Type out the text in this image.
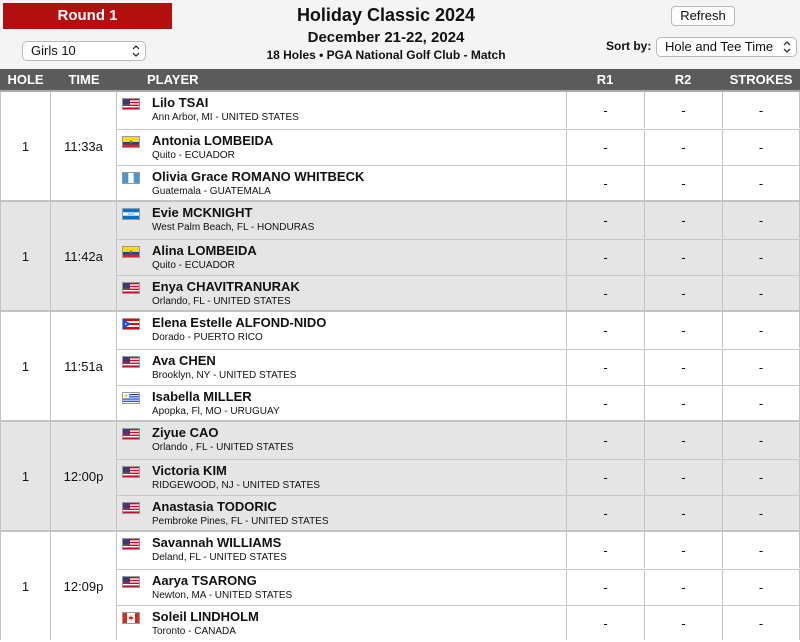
Round 1
Girls 10
Holiday Classic 2024
December 21-22, 2024
18 Holes • PGA National Golf Club - Match
Refresh
Sort by:	Hole and Tee Time
HOLE	TIME	PLAYER	R1	R2	STROKES
1	11:33a
Lilo TSAI
Ann Arbor, MI - UNITED STATES	-	-	-
Antonia LOMBEIDA
Quito - ECUADOR
-	-	-
Olivia Grace ROMANO WHITBECK
Guatemala - GUATEMALA
-	-	-
1	11:42a
Evie MCKNIGHT
West Palm Beach, FL - HONDURAS	-	-	-
Alina LOMBEIDA
Quito - ECUADOR
-	-	-
Enya CHAVITRANURAK
Orlando, FL - UNITED STATES
-	-	-
1	11:51a
Elena Estelle ALFOND-NIDO
Dorado - PUERTO RICO	-	-	-
Ava CHEN
Brooklyn, NY - UNITED STATES
-	-	-
Isabella MILLER
Apopka, Fl, MO - URUGUAY
-	-	-
1	12:00p
Ziyue CAO
Orlando , FL - UNITED STATES	-	-	-
Victoria KIM
RIDGEWOOD, NJ - UNITED STATES
-	-	-
Anastasia TODORIC
Pembroke Pines, FL - UNITED STATES
-	-	-
1	12:09p
Savannah WILLIAMS
Deland, FL - UNITED STATES	-	-	-
Aarya TSARONG
Newton, MA - UNITED STATES
-	-	-
Soleil LINDHOLM
Toronto - CANADA
-	-	-
